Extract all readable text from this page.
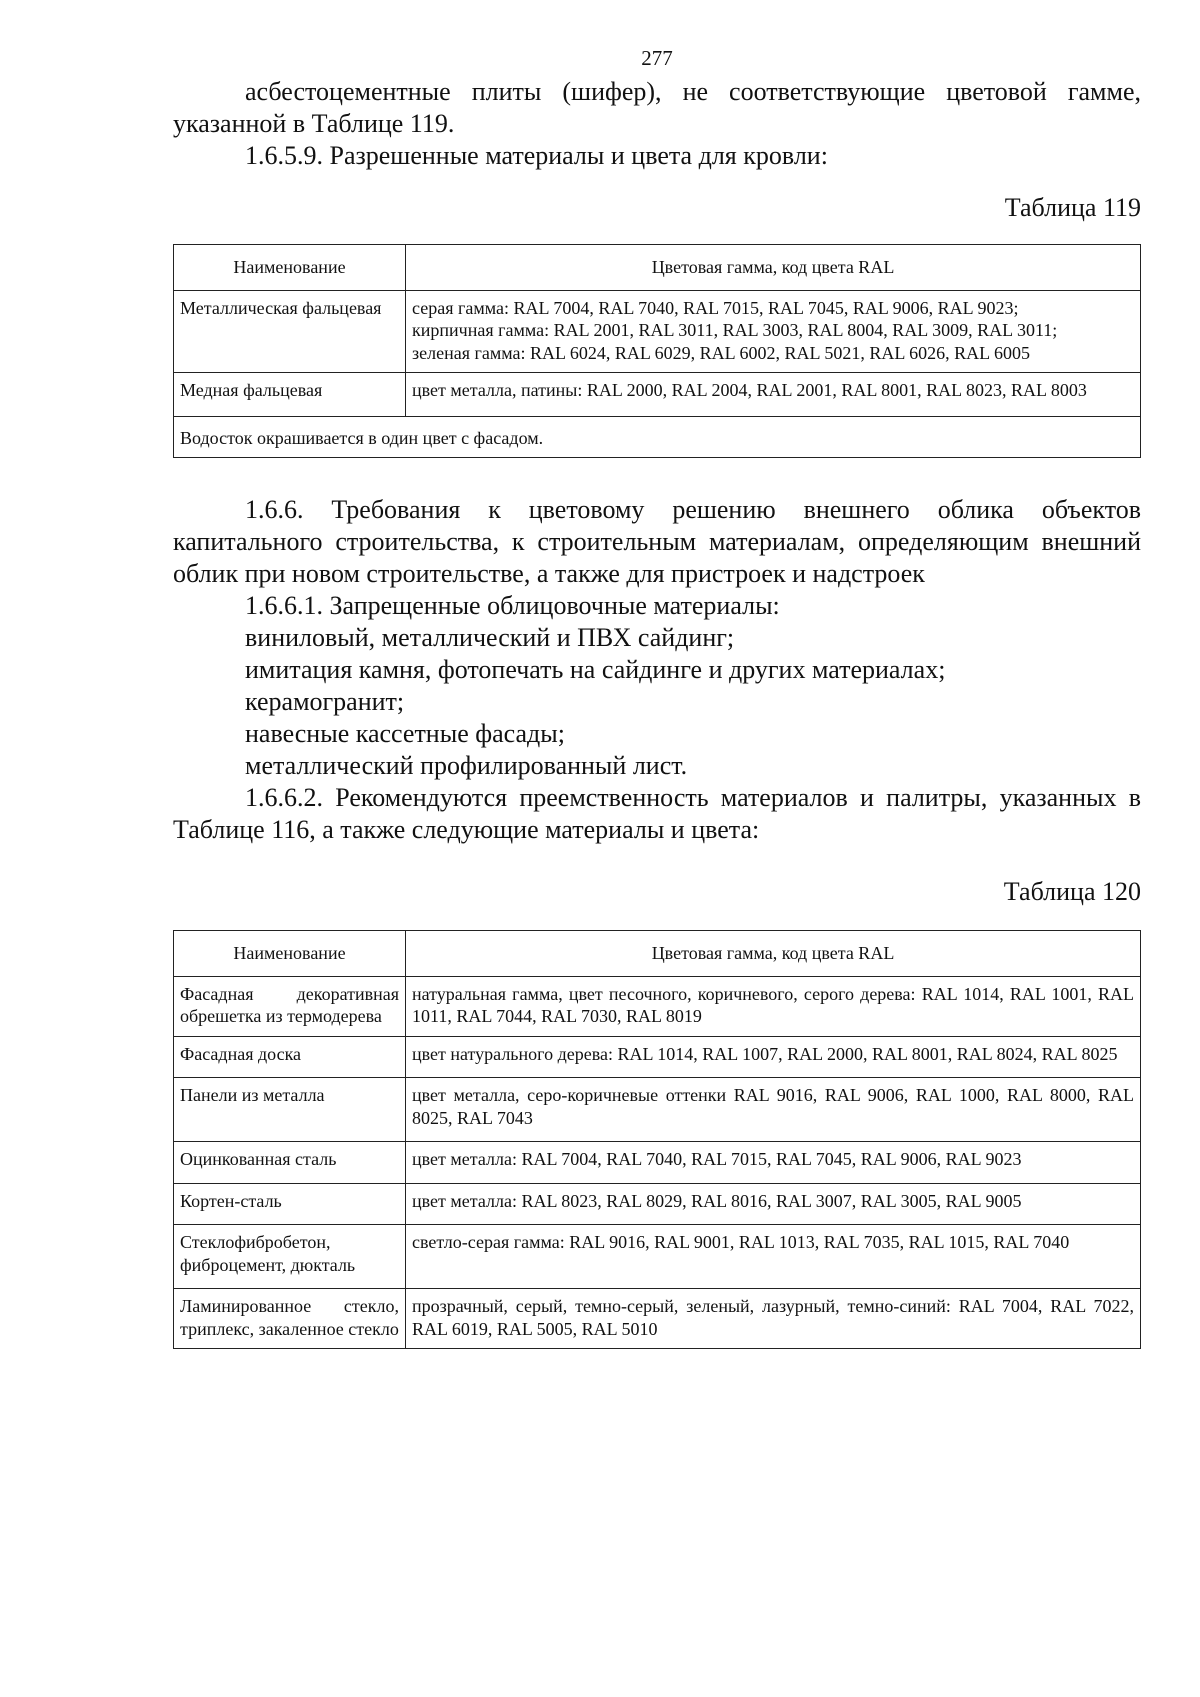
277

асбестоцементные плиты (шифер), не соответствующие цветовой гамме, указанной в Таблице 119.

1.6.5.9. Разрешенные материалы и цвета для кровли:

Таблица 119
Наименование	Цветовая гамма, код цвета RAL
Металлическая фальцевая	серая гамма: RAL 7004, RAL 7040, RAL 7015, RAL 7045, RAL 9006, RAL 9023;
кирпичная гамма: RAL 2001, RAL 3011, RAL 3003, RAL 8004, RAL 3009, RAL 3011;
зеленая гамма: RAL 6024, RAL 6029, RAL 6002, RAL 5021, RAL 6026, RAL 6005

Медная фальцевая	цвет металла, патины: RAL 2000, RAL 2004, RAL 2001, RAL 8001, RAL 8023, RAL 8003
Водосток окрашивается в один цвет с фасадом.	

1.6.6. Требования к цветовому решению внешнего облика объектов капитального строительства, к строительным материалам, определяющим внешний облик при новом строительстве, а также для пристроек и надстроек

1.6.6.1. Запрещенные облицовочные материалы:

виниловый, металлический и ПВХ сайдинг;

имитация камня, фотопечать на сайдинге и других материалах;

керамогранит;

навесные кассетные фасады;

металлический профилированный лист.

1.6.6.2. Рекомендуются преемственность материалов и палитры, указанных в Таблице 116, а также следующие материалы и цвета:

Таблица 120
Наименование	Цветовая гамма, код цвета RAL
Фасадная декоративная обрешетка из термодерева	натуральная гамма, цвет песочного, коричневого, серого дерева: RAL 1014, RAL 1001, RAL 1011, RAL 7044, RAL 7030, RAL 8019
Фасадная доска	цвет натурального дерева: RAL 1014, RAL 1007, RAL 2000, RAL 8001, RAL 8024, RAL 8025
Панели из металла	цвет металла, серо-коричневые оттенки RAL 9016, RAL 9006, RAL 1000, RAL 8000, RAL 8025, RAL 7043
Оцинкованная сталь	цвет металла: RAL 7004, RAL 7040, RAL 7015, RAL 7045, RAL 9006, RAL 9023
Кортен-сталь	цвет металла: RAL 8023, RAL 8029, RAL 8016, RAL 3007, RAL 3005, RAL 9005
Стеклофибробетон, фиброцемент, дюкталь	светло-серая гамма: RAL 9016, RAL 9001, RAL 1013, RAL 7035, RAL 1015, RAL 7040
Ламинированное стекло, триплекс, закаленное стекло	прозрачный, серый, темно-серый, зеленый, лазурный, темно-синий: RAL 7004, RAL 7022, RAL 6019, RAL 5005, RAL 5010
